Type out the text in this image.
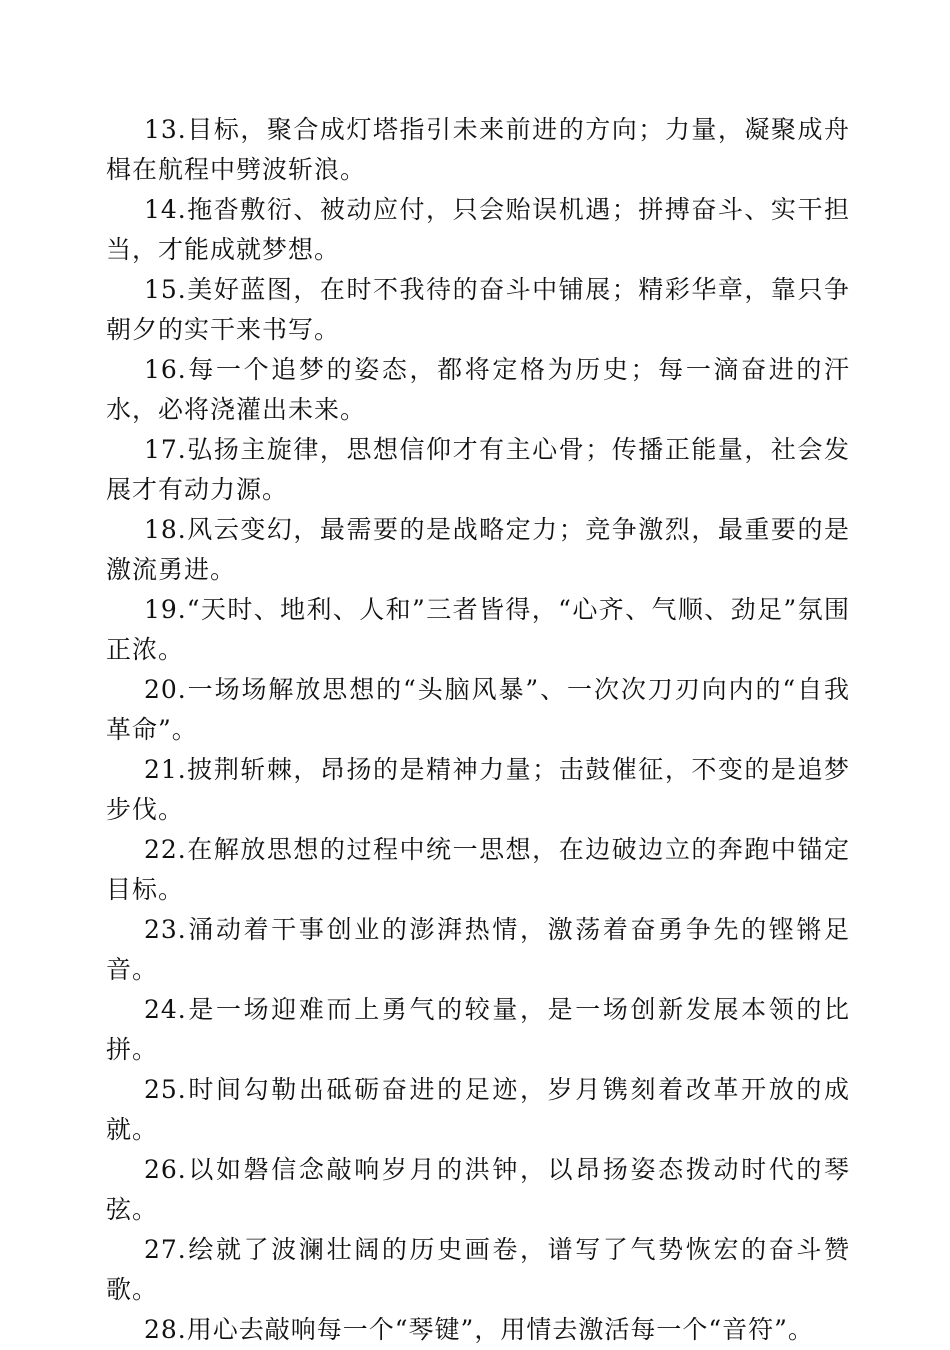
13.目标，聚合成灯塔指引未来前进的方向；力量，凝聚成舟楫在航程中劈波斩浪。

14.拖沓敷衍、被动应付，只会贻误机遇；拼搏奋斗、实干担当，才能成就梦想。

15.美好蓝图，在时不我待的奋斗中铺展；精彩华章，靠只争朝夕的实干来书写。

16.每一个追梦的姿态，都将定格为历史；每一滴奋进的汗水，必将浇灌出未来。

17.弘扬主旋律，思想信仰才有主心骨；传播正能量，社会发展才有动力源。

18.风云变幻，最需要的是战略定力；竞争激烈，最重要的是激流勇进。

19.“天时、地利、人和”三者皆得，“心齐、气顺、劲足”氛围正浓。

20.一场场解放思想的“头脑风暴”、一次次刀刃向内的“自我革命”。

21.披荆斩棘，昂扬的是精神力量；击鼓催征，不变的是追梦步伐。

22.在解放思想的过程中统一思想，在边破边立的奔跑中锚定目标。

23.涌动着干事创业的澎湃热情，激荡着奋勇争先的铿锵足音。

24.是一场迎难而上勇气的较量，是一场创新发展本领的比拼。

25.时间勾勒出砥砺奋进的足迹，岁月镌刻着改革开放的成就。

26.以如磐信念敲响岁月的洪钟，以昂扬姿态拨动时代的琴弦。

27.绘就了波澜壮阔的历史画卷，谱写了气势恢宏的奋斗赞歌。

28.用心去敲响每一个“琴键”，用情去激活每一个“音符”。
